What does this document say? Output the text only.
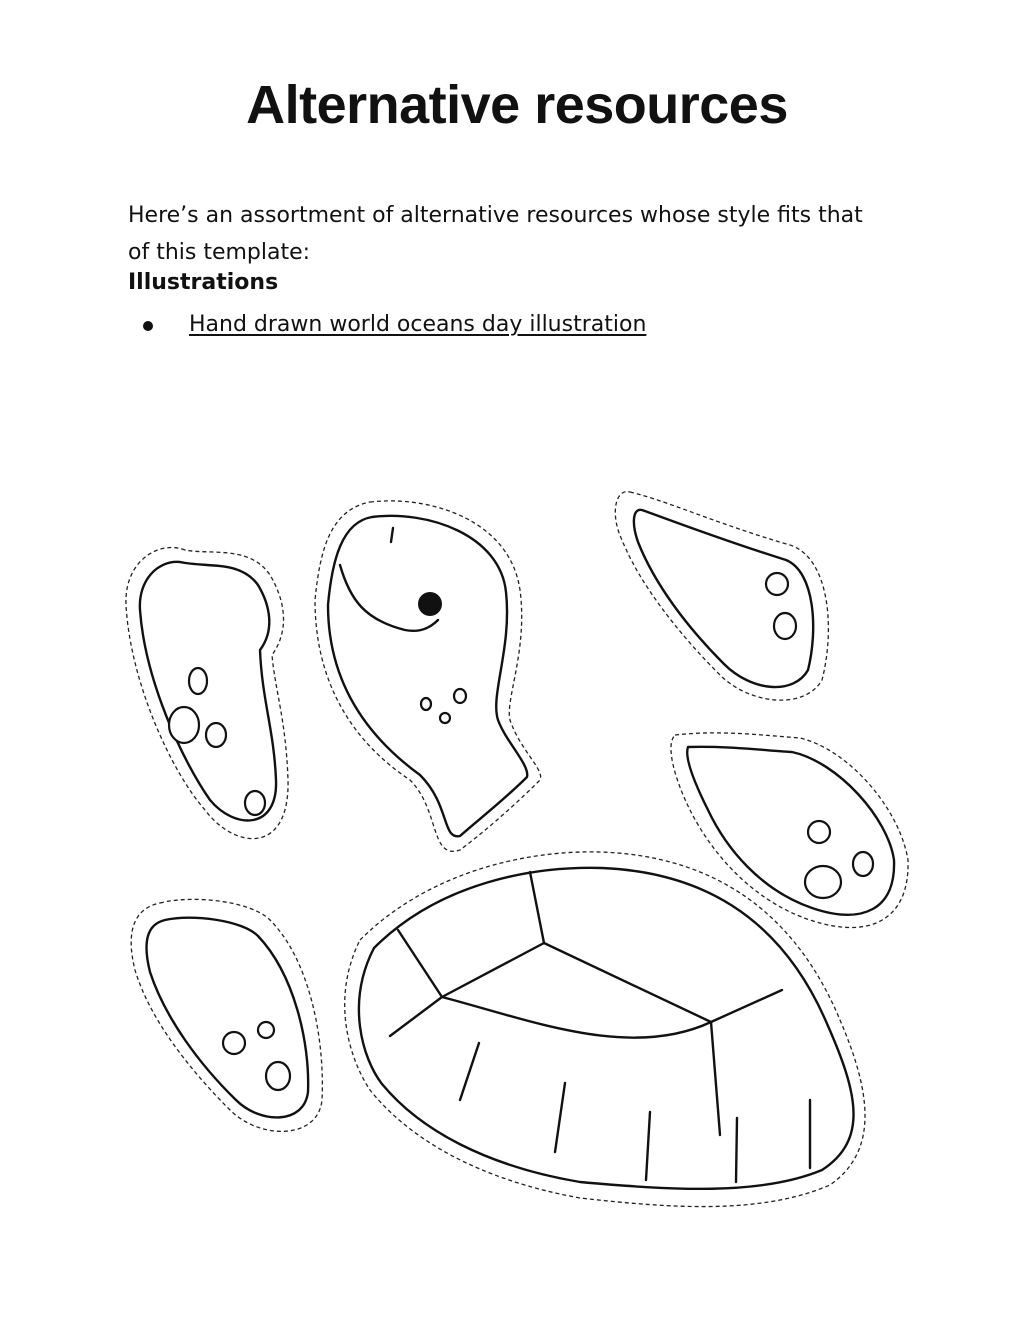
Alternative resources

Here’s an assortment of alternative resources whose style fits that of this template:

Illustrations
Hand drawn world oceans day illustration
